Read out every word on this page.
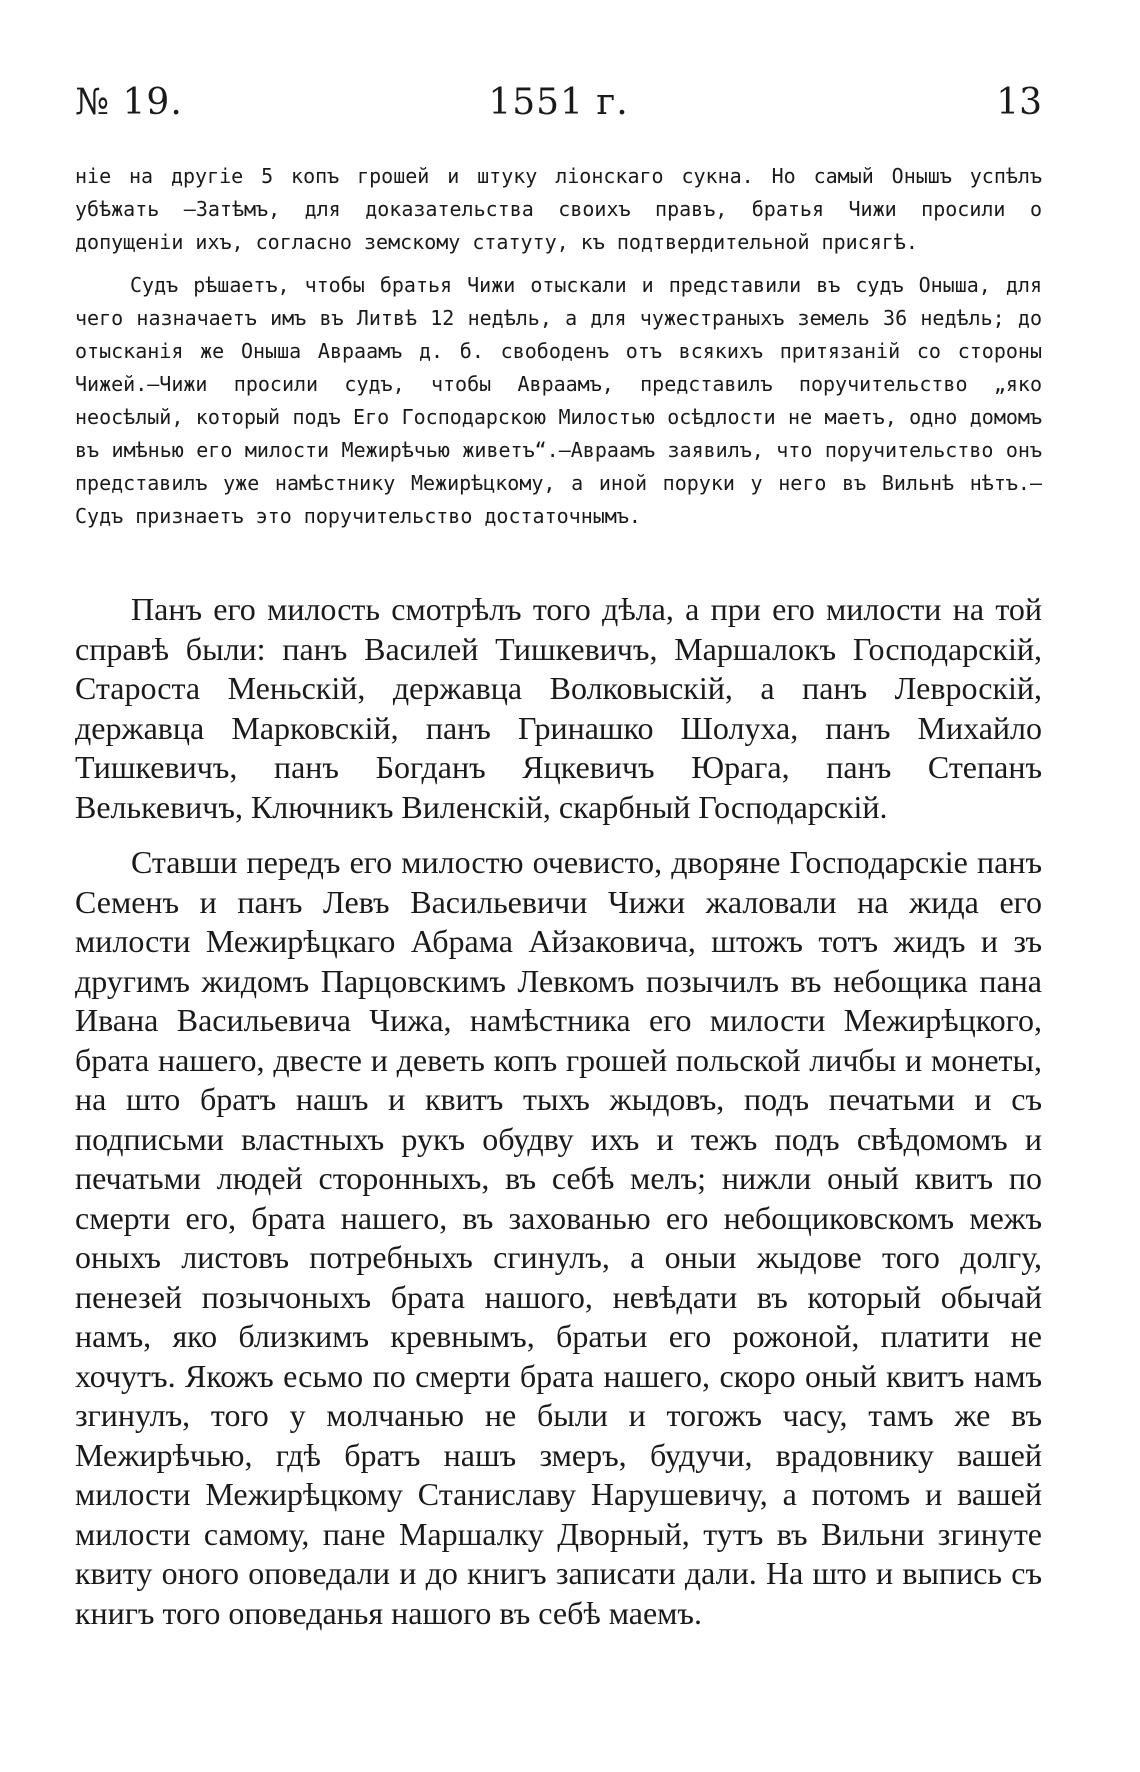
№ 19.	1551 г.	13

ніе на другіе 5 копъ грошей и штуку ліонскаго сукна. Но самый Онышъ успѣлъ убѣжать —Затѣмъ, для доказательства своихъ правъ, братья Чижи просили о допущеніи ихъ, согласно земскому статуту, къ подтвердительной присягѣ.

Судъ рѣшаетъ, чтобы братья Чижи отыскали и представили въ судъ Оныша, для чего назначаетъ имъ въ Литвѣ 12 недѣль, а для чужестраныхъ земель 36 недѣль; до отысканія же Оныша Авраамъ д. б. свободенъ отъ всякихъ притязаній со стороны Чижей.—Чижи просили судъ, чтобы Авраамъ, представилъ поручительство „яко неосѣлый, который подъ Его Господарскою Милостью осѣдлости не маетъ, одно домомъ въ имѣнью его милости Межирѣчью живетъ“.—Авраамъ заявилъ, что поручительство онъ представилъ уже намѣстнику Межирѣцкому, а иной поруки у него въ Вильнѣ нѣтъ.—Судъ признаетъ это поручительство достаточнымъ.

Панъ его милость смотрѣлъ того дѣла, а при его милости на той справѣ были: панъ Василей Тишкевичъ, Маршалокъ Господарскій, Староста Меньскій, державца Волковыскій, а панъ Левроскій, державца Марковскій, панъ Гринашко Шолуха, панъ Михайло Тишкевичъ, панъ Богданъ Яцкевичъ Юрага, панъ Степанъ Велькевичъ, Ключникъ Виленскій, скарбный Господарскій.

Ставши передъ его милостю очевисто, дворяне Господарскіе панъ Семенъ и панъ Левъ Васильевичи Чижи жаловали на жида его милости Межирѣцкаго Абрама Айзаковича, штожъ тотъ жидъ и зъ другимъ жидомъ Парцовскимъ Левкомъ позычилъ въ небощика пана Ивана Васильевича Чижа, намѣстника его милости Межирѣцкого, брата нашего, двесте и деветь копъ грошей польской личбы и монеты, на што братъ нашъ и квитъ тыхъ жыдовъ, подъ печатьми и съ подписьми властныхъ рукъ обудву ихъ и тежъ подъ свѣдомомъ и печатьми людей сторонныхъ, въ себѣ мелъ; нижли оный квитъ по смерти его, брата нашего, въ захованью его небощиковскомъ межъ оныхъ листовъ потребныхъ сгинулъ, а оныи жыдове того долгу, пенезей позычоныхъ брата нашого, невѣдати въ который обычай намъ, яко близкимъ кревнымъ, братьи его рожоной, платити не хочутъ. Якожъ есьмо по смерти брата нашего, скоро оный квитъ намъ згинулъ, того у молчанью не были и тогожъ часу, тамъ же въ Межирѣчью, гдѣ братъ нашъ змеръ, будучи, врадовнику вашей милости Межирѣцкому Станиславу Нарушевичу, а потомъ и вашей милости самому, пане Маршалку Дворный, тутъ въ Вильни згинуте квиту оного оповедали и до книгъ записати дали. На што и выпись съ книгъ того оповеданья нашого въ себѣ маемъ.
